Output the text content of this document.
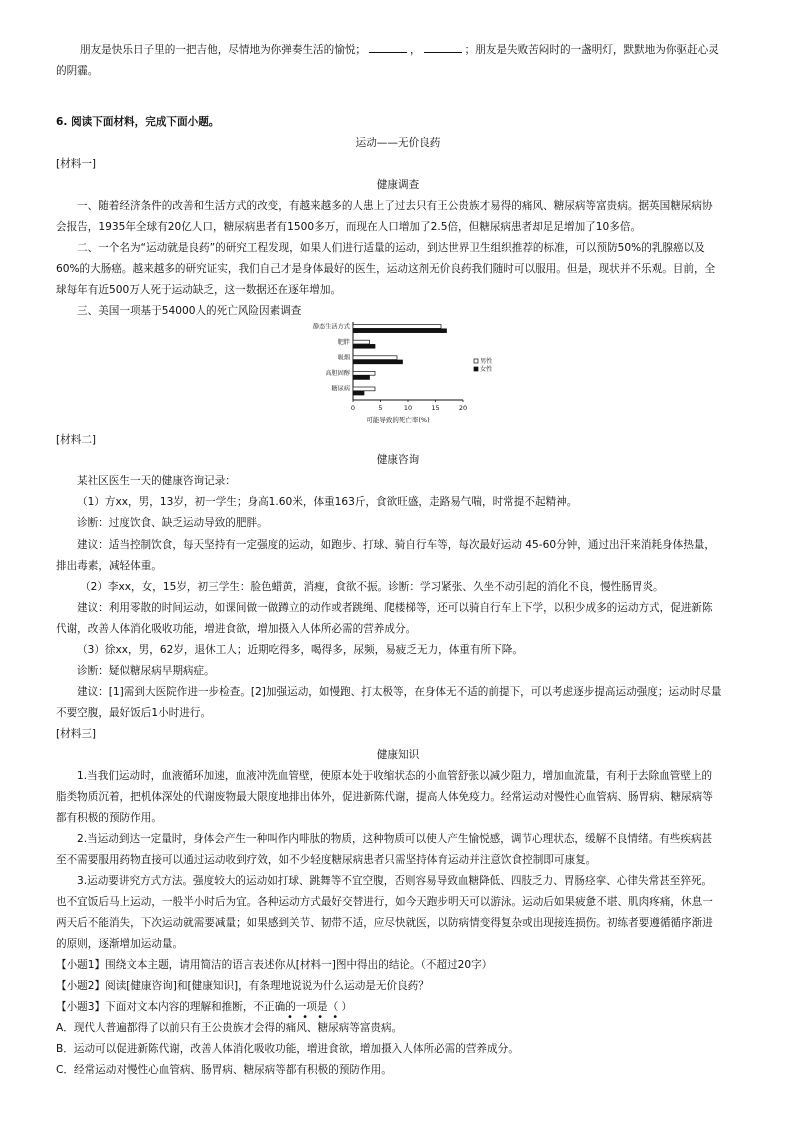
朋友是快乐日子里的一把吉他，尽情地为你弹奏生活的愉悦；	，	；朋友是失败苦闷时的一盏明灯，默默地为你驱赶心灵
的阴霾。
6. 阅读下面材料，完成下面小题。
运动——无价良药
[材料一]
健康调查
一、随着经济条件的改善和生活方式的改变，有越来越多的人患上了过去只有王公贵族才易得的痛风、糖尿病等富贵病。据英国糖尿病协
会报告，1935年全球有20亿人口，糖尿病患者有1500多万，而现在人口增加了2.5倍，但糖尿病患者却足足增加了10多倍。
二、一个名为“运动就是良药”的研究工程发现，如果人们进行适量的运动，到达世界卫生组织推荐的标准，可以预防50%的乳腺癌以及
60%的大肠癌。越来越多的研究证实，我们自己才是身体最好的医生，运动这剂无价良药我们随时可以服用。但是，现状并不乐观。目前，全
球每年有近500万人死于运动缺乏，这一数据还在逐年增加。
三、美国一项基于54000人的死亡风险因素调查
0	5	10	15	20
可能导致的死亡率(%)
静态生活方式
肥胖
吸烟
高胆固醇
糖尿病
男性
女性
[材料二]
健康咨询
某社区医生一天的健康咨询记录：
（1）方xx，男，13岁，初一学生；身高1.60米，体重163斤，食欲旺盛，走路易气喘，时常提不起精神。
诊断：过度饮食、缺乏运动导致的肥胖。
建议：适当控制饮食，每天坚持有一定强度的运动，如跑步、打球、骑自行车等，每次最好运动 45-60分钟，通过出汗来消耗身体热量，
排出毒素，减轻体重。
（2）李xx，女，15岁，初三学生：脸色蜡黄，消瘦，食欲不振。诊断：学习紧张、久坐不动引起的消化不良，慢性肠胃炎。
建议：利用零散的时间运动，如课间做一做蹲立的动作或者跳绳、爬楼梯等，还可以骑自行车上下学，以积少成多的运动方式，促进新陈
代谢，改善人体消化吸收功能，增进食欲，增加摄入人体所必需的营养成分。
（3）徐xx，男，62岁，退休工人；近期吃得多，喝得多，尿频，易疲乏无力，体重有所下降。
诊断：疑似糖尿病早期病症。
建议：[1]需到大医院作进一步检查。[2]加强运动，如慢跑、打太极等，在身体无不适的前提下，可以考虑逐步提高运动强度；运动时尽量
不要空腹，最好饭后1小时进行。
[材料三]
健康知识
1.当我们运动时，血液循环加速，血液冲洗血管壁，使原本处于收缩状态的小血管舒张以减少阻力，增加血流量，有利于去除血管壁上的
脂类物质沉着，把机体深处的代谢废物最大限度地排出体外，促进新陈代谢，提高人体免疫力。经常运动对慢性心血管病、肠胃病、糖尿病等
都有积极的预防作用。
2.当运动到达一定量时，身体会产生一种叫作内啡肽的物质，这种物质可以使人产生愉悦感，调节心理状态，缓解不良情绪。有些疾病甚
至不需要服用药物直接可以通过运动收到疗效，如不少轻度糖尿病患者只需坚持体育运动并注意饮食控制即可康复。
3.运动要讲究方式方法。强度较大的运动如打球、跳舞等不宜空腹，否则容易导致血糖降低、四肢乏力、胃肠痉挛、心律失常甚至猝死。
也不宜饭后马上运动，一般半小时后为宜。各种运动方式最好交替进行，如今天跑步明天可以游泳。运动后如果疲惫不堪、肌肉疼痛，休息一
两天后不能消失，下次运动就需要减量；如果感到关节、韧带不适，应尽快就医，以防病情变得复杂或出现接连损伤。初练者要遵循循序渐进
的原则，逐渐增加运动量。
【小题1】围绕文本主题，请用简洁的语言表述你从[材料一]图中得出的结论。（不超过20字）
【小题2】阅读[健康咨询]和[健康知识]，有条理地说说为什么运动是无价良药？
【小题3】下面对文本内容的理解和推断，不正确的一项是（ ）
• • • •
A．现代人普遍都得了以前只有王公贵族才会得的痛风、糖尿病等富贵病。
B．运动可以促进新陈代谢，改善人体消化吸收功能，增进食欲，增加摄入人体所必需的营养成分。
C．经常运动对慢性心血管病、肠胃病、糖尿病等都有积极的预防作用。
